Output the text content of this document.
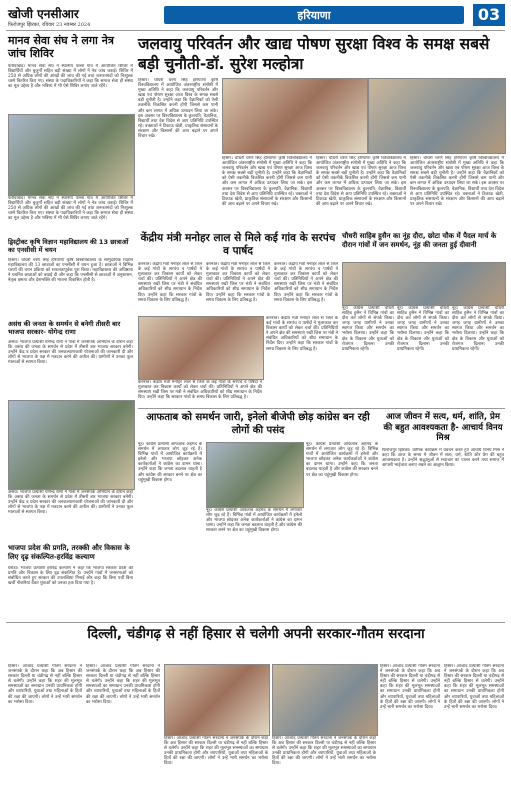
खोजी एनसीआर
फिरोजपुर झिरका, रविवार 23 नवम्बर 2024
हरियाणा	03
मानव सेवा संघ ने लगा नेत्र जांच शिविर
फरीदाबाद। मानव सेवा संघ ने स्थानीय पल्ला गांव में आयोजित शिविर में विद्यार्थियों और बुजुर्गों सहित बड़ी संख्या में लोगों ने नेत्र जांच कराई। शिविर में 250 से अधिक लोगों की आंखों की जांच की गई तथा जरूरतमंदों को निःशुल्क चश्मे वितरित किए गए। संस्था के पदाधिकारियों ने कहा कि समाज सेवा ही संस्था का मूल उद्देश्य है और भविष्य में भी ऐसे शिविर लगाए जाते रहेंगे।
फरीदाबाद। मानव सेवा संघ ने स्थानीय पल्ला गांव में आयोजित शिविर में विद्यार्थियों और बुजुर्गों सहित बड़ी संख्या में लोगों ने नेत्र जांच कराई। शिविर में 250 से अधिक लोगों की आंखों की जांच की गई तथा जरूरतमंदों को निःशुल्क चश्मे वितरित किए गए। संस्था के पदाधिकारियों ने कहा कि समाज सेवा ही संस्था का मूल उद्देश्य है और भविष्य में भी ऐसे शिविर लगाए जाते रहेंगे।
जलवायु परिवर्तन और खाद्य पोषण सुरक्षा विश्व के समक्ष सबसे बड़ी चुनौती-डॉ. सुरेश मल्होत्रा
हिसार। चौधरी चरण सिंह हरियाणा कृषि विश्वविद्यालय में आयोजित अंतरराष्ट्रीय संगोष्ठी में मुख्य अतिथि ने कहा कि जलवायु परिवर्तन और खाद्य एवं पोषण सुरक्षा आज विश्व के समक्ष सबसे बड़ी चुनौती है। उन्होंने कहा कि वैज्ञानिकों को ऐसी तकनीकें विकसित करनी होंगी जिससे कम पानी और कम लागत में अधिक उत्पादन लिया जा सके। इस अवसर पर विश्वविद्यालय के कुलपति, वैज्ञानिक, विद्यार्थी तथा देश विदेश से आए प्रतिनिधि उपस्थित रहे। वक्ताओं ने टिकाऊ खेती, प्राकृतिक संसाधनों के संरक्षण और किसानों की आय बढ़ाने पर अपने विचार रखे।
हिसार। चौधरी चरण सिंह हरियाणा कृषि विश्वविद्यालय में आयोजित अंतरराष्ट्रीय संगोष्ठी में मुख्य अतिथि ने कहा कि जलवायु परिवर्तन और खाद्य एवं पोषण सुरक्षा आज विश्व के समक्ष सबसे बड़ी चुनौती है। उन्होंने कहा कि वैज्ञानिकों को ऐसी तकनीकें विकसित करनी होंगी जिससे कम पानी और कम लागत में अधिक उत्पादन लिया जा सके। इस अवसर पर विश्वविद्यालय के कुलपति, वैज्ञानिक, विद्यार्थी तथा देश विदेश से आए प्रतिनिधि उपस्थित रहे। वक्ताओं ने टिकाऊ खेती, प्राकृतिक संसाधनों के संरक्षण और किसानों की आय बढ़ाने पर अपने विचार रखे।
हिसार। चौधरी चरण सिंह हरियाणा कृषि विश्वविद्यालय में आयोजित अंतरराष्ट्रीय संगोष्ठी में मुख्य अतिथि ने कहा कि जलवायु परिवर्तन और खाद्य एवं पोषण सुरक्षा आज विश्व के समक्ष सबसे बड़ी चुनौती है। उन्होंने कहा कि वैज्ञानिकों को ऐसी तकनीकें विकसित करनी होंगी जिससे कम पानी और कम लागत में अधिक उत्पादन लिया जा सके। इस अवसर पर विश्वविद्यालय के कुलपति, वैज्ञानिक, विद्यार्थी तथा देश विदेश से आए प्रतिनिधि उपस्थित रहे। वक्ताओं ने टिकाऊ खेती, प्राकृतिक संसाधनों के संरक्षण और किसानों की आय बढ़ाने पर अपने विचार रखे।
हिसार। चौधरी चरण सिंह हरियाणा कृषि विश्वविद्यालय में आयोजित अंतरराष्ट्रीय संगोष्ठी में मुख्य अतिथि ने कहा कि जलवायु परिवर्तन और खाद्य एवं पोषण सुरक्षा आज विश्व के समक्ष सबसे बड़ी चुनौती है। उन्होंने कहा कि वैज्ञानिकों को ऐसी तकनीकें विकसित करनी होंगी जिससे कम पानी और कम लागत में अधिक उत्पादन लिया जा सके। इस अवसर पर विश्वविद्यालय के कुलपति, वैज्ञानिक, विद्यार्थी तथा देश विदेश से आए प्रतिनिधि उपस्थित रहे। वक्ताओं ने टिकाऊ खेती, प्राकृतिक संसाधनों के संरक्षण और किसानों की आय बढ़ाने पर अपने विचार रखे।
ड्रिस्ट्रीक्ट कृषि विज्ञान महाविद्यालय की 13 छात्राओं का एनसीसी में चयन
हिसार। चौधरी चरण सिंह हरियाणा कृषि विश्वविद्यालय के सामुदायिक विज्ञान महाविद्यालय की 13 छात्राओं का एनसीसी में चयन हुआ है। छात्राओं ने विभिन्न चरणों की चयन प्रक्रिया को सफलतापूर्वक पूरा किया। महाविद्यालय की अधिष्ठाता ने चयनित छात्राओं को बधाई दी और कहा कि एनसीसी से छात्राओं में अनुशासन, नेतृत्व क्षमता और देशभक्ति की भावना विकसित होती है।
असंध की जनता के समर्थन से बनेगी तीसरी बार भाजपा सरकार- योगेन्द्र राणा
असंध। भाजपा प्रत्याशी योगेन्द्र राणा ने गांवों में जनसंपर्क अभियान के दौरान कहा कि असंध की जनता के समर्थन से प्रदेश में तीसरी बार भाजपा सरकार बनेगी। उन्होंने केंद्र व प्रदेश सरकार की जनकल्याणकारी योजनाओं की जानकारी दी और लोगों से भाजपा के पक्ष में मतदान करने की अपील की। ग्रामीणों ने उनका फूल मालाओं से स्वागत किया।
असंध। भाजपा प्रत्याशी योगेन्द्र राणा ने गांवों में जनसंपर्क अभियान के दौरान कहा कि असंध की जनता के समर्थन से प्रदेश में तीसरी बार भाजपा सरकार बनेगी। उन्होंने केंद्र व प्रदेश सरकार की जनकल्याणकारी योजनाओं की जानकारी दी और लोगों से भाजपा के पक्ष में मतदान करने की अपील की। ग्रामीणों ने उनका फूल मालाओं से स्वागत किया।
केंद्रीय मंत्री मनोहर लाल से मिले कई गांव के सरपंच व पार्षद
करनाल। केंद्रीय मंत्री मनोहर लाल से जिले के कई गांवों के सरपंच व पार्षदों ने मुलाकात कर विकास कार्यों को लेकर चर्चा की। प्रतिनिधियों ने अपने क्षेत्र की समस्याएं रखीं जिस पर मंत्री ने संबंधित अधिकारियों को शीघ्र समाधान के निर्देश दिए। उन्होंने कहा कि सरकार गांवों के समग्र विकास के लिए प्रतिबद्ध है।
करनाल। केंद्रीय मंत्री मनोहर लाल से जिले के कई गांवों के सरपंच व पार्षदों ने मुलाकात कर विकास कार्यों को लेकर चर्चा की। प्रतिनिधियों ने अपने क्षेत्र की समस्याएं रखीं जिस पर मंत्री ने संबंधित अधिकारियों को शीघ्र समाधान के निर्देश दिए। उन्होंने कहा कि सरकार गांवों के समग्र विकास के लिए प्रतिबद्ध है।
करनाल। केंद्रीय मंत्री मनोहर लाल से जिले के कई गांवों के सरपंच व पार्षदों ने मुलाकात कर विकास कार्यों को लेकर चर्चा की। प्रतिनिधियों ने अपने क्षेत्र की समस्याएं रखीं जिस पर मंत्री ने संबंधित अधिकारियों को शीघ्र समाधान के निर्देश दिए। उन्होंने कहा कि सरकार गांवों के समग्र विकास के लिए प्रतिबद्ध है।
करनाल। केंद्रीय मंत्री मनोहर लाल से जिले के कई गांवों के सरपंच व पार्षदों ने मुलाकात कर विकास कार्यों को लेकर चर्चा की। प्रतिनिधियों ने अपने क्षेत्र की समस्याएं रखीं जिस पर मंत्री ने संबंधित अधिकारियों को शीघ्र समाधान के निर्देश दिए। उन्होंने कहा कि सरकार गांवों के समग्र विकास के लिए प्रतिबद्ध है।
करनाल। केंद्रीय मंत्री मनोहर लाल से जिले के कई गांवों के सरपंच व पार्षदों ने मुलाकात कर विकास कार्यों को लेकर चर्चा की। प्रतिनिधियों ने अपने क्षेत्र की समस्याएं रखीं जिस पर मंत्री ने संबंधित अधिकारियों को शीघ्र समाधान के निर्देश दिए। उन्होंने कहा कि सरकार गांवों के समग्र विकास के लिए प्रतिबद्ध है।
चौधरी साहिब हुसैन का नूंह दौरा, छोटा चौक में पैदल मार्च के दौरान गांवों में जन समर्थन, नूंह की जनता हुई दीवानी
नूंह। कांग्रेस प्रत्याशी चौधरी साहिब हुसैन ने विभिन्न गांवों का दौरा कर लोगों से संपर्क किया। जगह जगह ग्रामीणों ने उनका स्वागत किया और समर्थन का भरोसा दिलाया। उन्होंने कहा कि क्षेत्र के विकास और युवाओं को रोजगार दिलाना उनकी प्राथमिकता रहेगी।
नूंह। कांग्रेस प्रत्याशी चौधरी साहिब हुसैन ने विभिन्न गांवों का दौरा कर लोगों से संपर्क किया। जगह जगह ग्रामीणों ने उनका स्वागत किया और समर्थन का भरोसा दिलाया। उन्होंने कहा कि क्षेत्र के विकास और युवाओं को रोजगार दिलाना उनकी प्राथमिकता रहेगी।
नूंह। कांग्रेस प्रत्याशी चौधरी साहिब हुसैन ने विभिन्न गांवों का दौरा कर लोगों से संपर्क किया। जगह जगह ग्रामीणों ने उनका स्वागत किया और समर्थन का भरोसा दिलाया। उन्होंने कहा कि क्षेत्र के विकास और युवाओं को रोजगार दिलाना उनकी प्राथमिकता रहेगी।
आफताब को समर्थन जारी, इनेलो बीजेपी छोड़ कांग्रेस बन रही लोगों की पसंद
नूंह। कांग्रेस प्रत्याशी आफताब अहमद के समर्थन में लगातार लोग जुड़ रहे हैं। विभिन्न गांवों में आयोजित कार्यक्रमों में इनेलो और भाजपा छोड़कर अनेक कार्यकर्ताओं ने कांग्रेस का दामन थामा। उन्होंने कहा कि जनता बदलाव चाहती है और कांग्रेस की सरकार बनने पर क्षेत्र का चहुंमुखी विकास होगा।
नूंह। कांग्रेस प्रत्याशी आफताब अहमद के समर्थन में लगातार लोग जुड़ रहे हैं। विभिन्न गांवों में आयोजित कार्यक्रमों में इनेलो और भाजपा छोड़कर अनेक कार्यकर्ताओं ने कांग्रेस का दामन थामा। उन्होंने कहा कि जनता बदलाव चाहती है और कांग्रेस की सरकार बनने पर क्षेत्र का चहुंमुखी विकास होगा।
नूंह। कांग्रेस प्रत्याशी आफताब अहमद के समर्थन में लगातार लोग जुड़ रहे हैं। विभिन्न गांवों में आयोजित कार्यक्रमों में इनेलो और भाजपा छोड़कर अनेक कार्यकर्ताओं ने कांग्रेस का दामन थामा। उन्होंने कहा कि जनता बदलाव चाहती है और कांग्रेस की सरकार बनने पर क्षेत्र का चहुंमुखी विकास होगा।
आज जीवन में सत्य, धर्म, शांति, प्रेम की बहुत आवश्यकता है- आचार्य विनय मिश्र
फिरोजपुर झिरका। धार्मिक कार्यक्रम में प्रवचन करते हुए आचार्य विनय मिश्र ने कहा कि आज के समय में जीवन में सत्य, धर्म, शांति और प्रेम की बहुत आवश्यकता है। उन्होंने श्रद्धालुओं से सदाचार का पालन करने तथा समाज में आपसी भाईचारा बनाए रखने का आह्वान किया।
भाजपा प्रदेश की प्रगति, तरक्की और विकास के लिए दृढ़ संकल्पित-हरविंद्र कल्याण
घरौंडा। भाजपा प्रत्याशी हरविंद्र कल्याण ने कहा कि भाजपा सरकार प्रदेश की प्रगति और विकास के लिए दृढ़ संकल्पित है। उन्होंने गांवों में जनसभाओं को संबोधित करते हुए सरकार की उपलब्धियां गिनाईं और कहा कि बिना पर्ची बिना खर्ची नौकरियां देकर युवाओं को उनका हक दिया गया है।
दिल्ली, चंडीगढ़ से नहीं हिसार से चलेगी अपनी सरकार-गौतम सरदाना
हिसार। आजाद प्रत्याशी गौतम सरदाना ने जनसंपर्क के दौरान कहा कि अब हिसार की सरकार दिल्ली या चंडीगढ़ से नहीं बल्कि हिसार से चलेगी। उन्होंने कहा कि शहर की मूलभूत समस्याओं का समाधान उनकी प्राथमिकता होगी और व्यापारियों, युवाओं तथा महिलाओं के हितों की रक्षा की जाएगी। लोगों ने उन्हें भारी समर्थन का भरोसा दिया।
हिसार। आजाद प्रत्याशी गौतम सरदाना ने जनसंपर्क के दौरान कहा कि अब हिसार की सरकार दिल्ली या चंडीगढ़ से नहीं बल्कि हिसार से चलेगी। उन्होंने कहा कि शहर की मूलभूत समस्याओं का समाधान उनकी प्राथमिकता होगी और व्यापारियों, युवाओं तथा महिलाओं के हितों की रक्षा की जाएगी। लोगों ने उन्हें भारी समर्थन का भरोसा दिया।
हिसार। आजाद प्रत्याशी गौतम सरदाना ने जनसंपर्क के दौरान कहा कि अब हिसार की सरकार दिल्ली या चंडीगढ़ से नहीं बल्कि हिसार से चलेगी। उन्होंने कहा कि शहर की मूलभूत समस्याओं का समाधान उनकी प्राथमिकता होगी और व्यापारियों, युवाओं तथा महिलाओं के हितों की रक्षा की जाएगी। लोगों ने उन्हें भारी समर्थन का भरोसा दिया।
हिसार। आजाद प्रत्याशी गौतम सरदाना ने जनसंपर्क के दौरान कहा कि अब हिसार की सरकार दिल्ली या चंडीगढ़ से नहीं बल्कि हिसार से चलेगी। उन्होंने कहा कि शहर की मूलभूत समस्याओं का समाधान उनकी प्राथमिकता होगी और व्यापारियों, युवाओं तथा महिलाओं के हितों की रक्षा की जाएगी। लोगों ने उन्हें भारी समर्थन का भरोसा दिया।
हिसार। आजाद प्रत्याशी गौतम सरदाना ने जनसंपर्क के दौरान कहा कि अब हिसार की सरकार दिल्ली या चंडीगढ़ से नहीं बल्कि हिसार से चलेगी। उन्होंने कहा कि शहर की मूलभूत समस्याओं का समाधान उनकी प्राथमिकता होगी और व्यापारियों, युवाओं तथा महिलाओं के हितों की रक्षा की जाएगी। लोगों ने उन्हें भारी समर्थन का भरोसा दिया।
हिसार। आजाद प्रत्याशी गौतम सरदाना ने जनसंपर्क के दौरान कहा कि अब हिसार की सरकार दिल्ली या चंडीगढ़ से नहीं बल्कि हिसार से चलेगी। उन्होंने कहा कि शहर की मूलभूत समस्याओं का समाधान उनकी प्राथमिकता होगी और व्यापारियों, युवाओं तथा महिलाओं के हितों की रक्षा की जाएगी। लोगों ने उन्हें भारी समर्थन का भरोसा दिया।
